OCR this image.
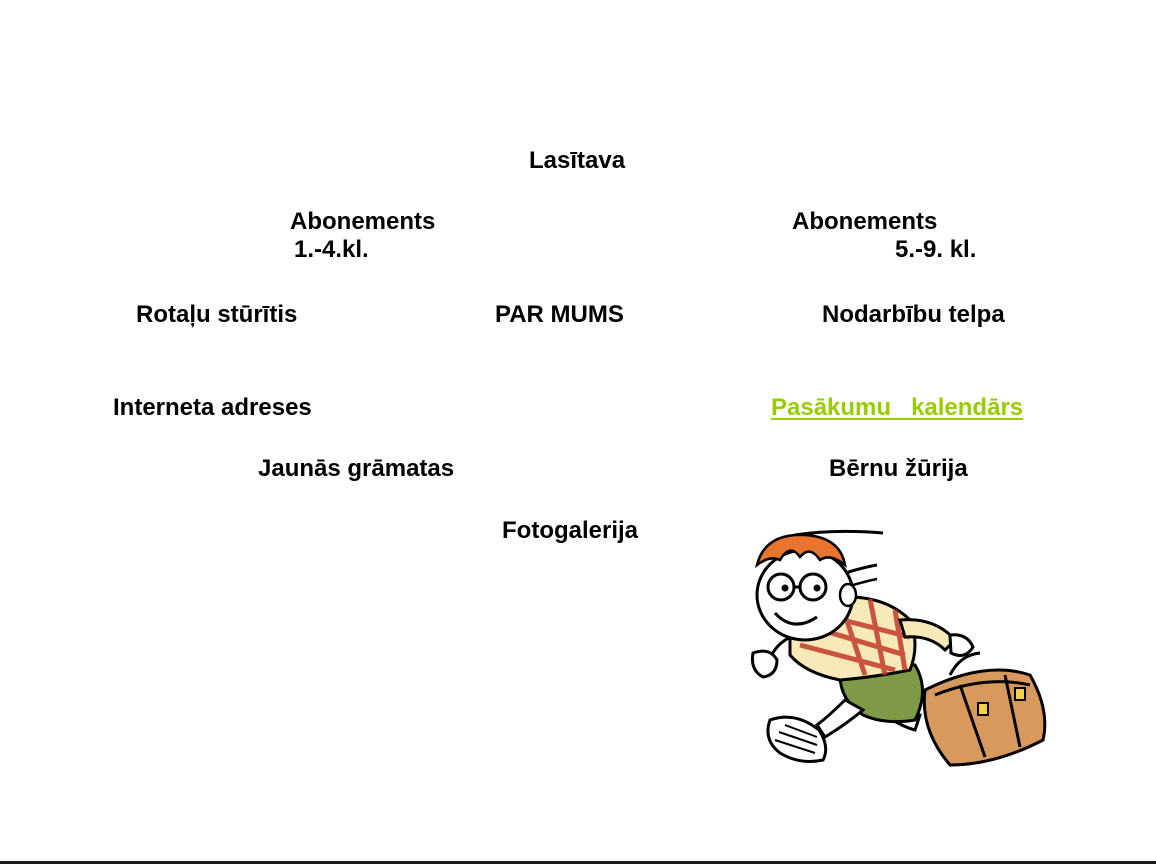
Lasītava
Abonements
1.-4.kl.
Abonements
5.-9. kl.
Rotaļu stūrītis	PAR MUMS	Nodarbību telpa
Interneta adreses	Pasākumu   kalendārs
Jaunās grāmatas	Bērnu žūrija
Fotogalerija
